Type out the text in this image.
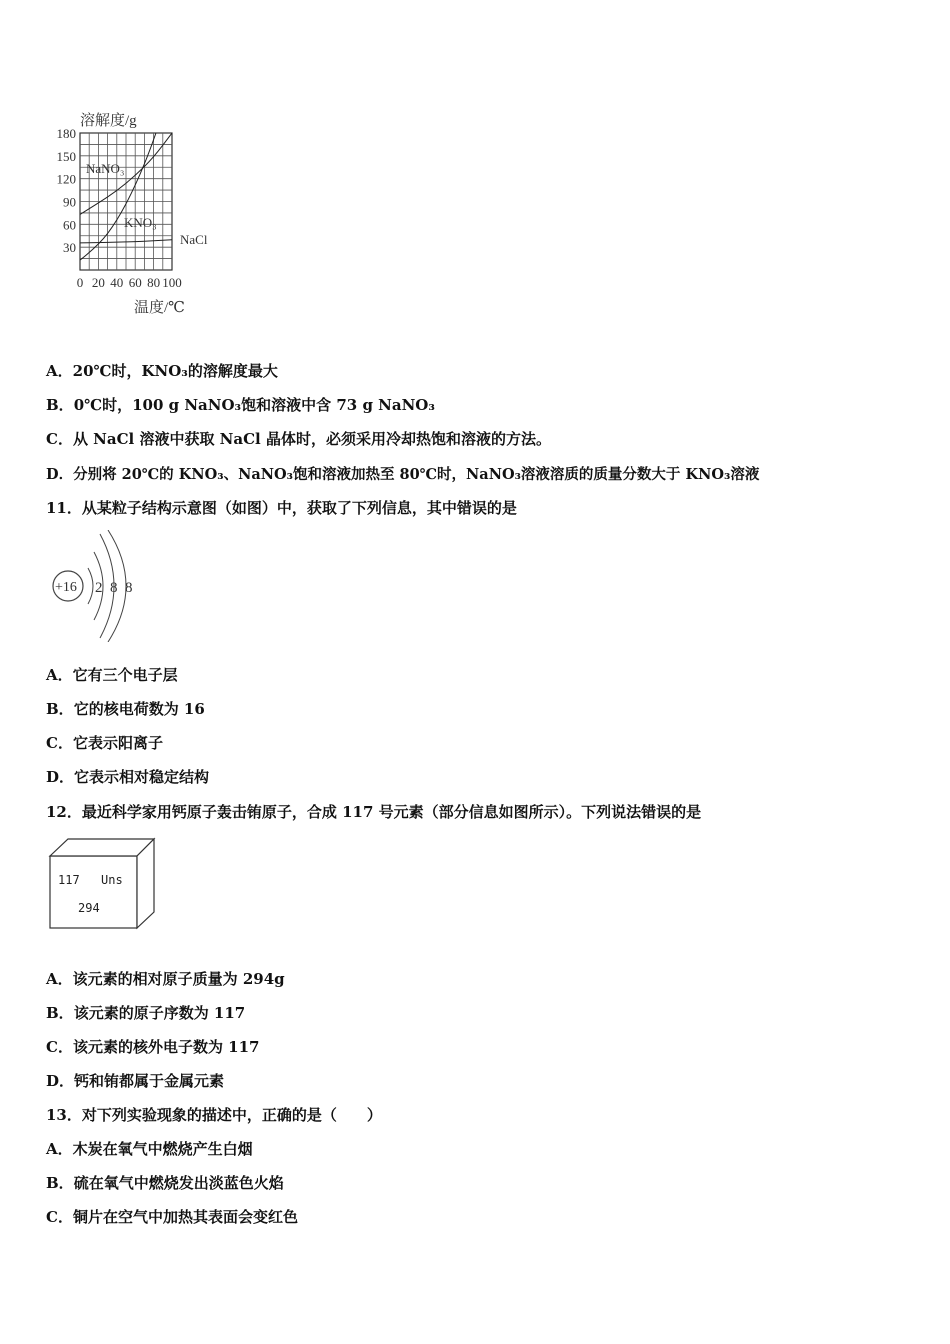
30
60
90
120
150
180
0 20 40 60 80 100
溶解度/g
温度/℃
NaNO₃
KNO₃
NaCl
A．20℃时，KNO₃的溶解度最大
B．0℃时，100 g NaNO₃饱和溶液中含 73 g NaNO₃
C．从 NaCl 溶液中获取 NaCl 晶体时，必须采用冷却热饱和溶液的方法。
D．分别将 20℃的 KNO₃、NaNO₃饱和溶液加热至 80℃时，NaNO₃溶液溶质的质量分数大于 KNO₃溶液
11．从某粒子结构示意图（如图）中，获取了下列信息，其中错误的是
+16 2 8 8
A．它有三个电子层
B．它的核电荷数为 16
C．它表示阳离子
D．它表示相对稳定结构
12．最近科学家用钙原子轰击铕原子，合成 117 号元素（部分信息如图所示）。下列说法错误的是
117 Uns
294
A．该元素的相对原子质量为 294g
B．该元素的原子序数为 117
C．该元素的核外电子数为 117
D．钙和铕都属于金属元素
13．对下列实验现象的描述中，正确的是（　　）
A．木炭在氧气中燃烧产生白烟
B．硫在氧气中燃烧发出淡蓝色火焰
C．铜片在空气中加热其表面会变红色
